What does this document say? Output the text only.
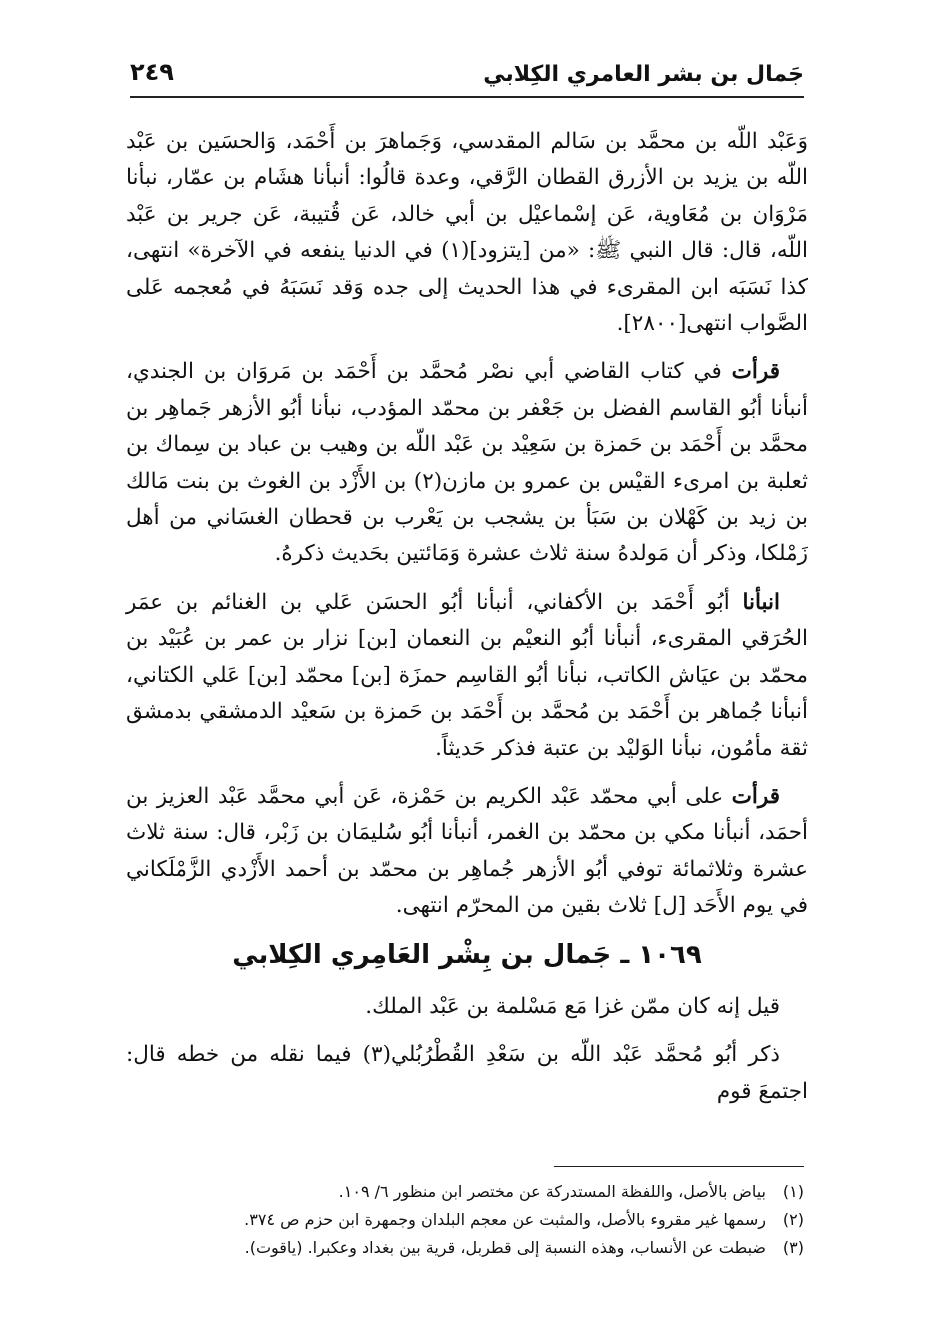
جَمال بن بشر العامري الكِلابي
٢٤٩

وَعَبْد اللّه بن محمَّد بن سَالم المقدسي، وَجَماهرَ بن أَحْمَد، وَالحسَين بن عَبْد اللّه بن يزيد بن الأزرق القطان الرَّقي، وعدة قالُوا: أنبأنا هشَام بن عمّار، نبأنا مَرْوَان بن مُعَاوية، عَن إسْماعيْل بن أبي خالد، عَن قُتيبة، عَن جرير بن عَبْد اللّه، قال: قال النبي ﷺ: «من [يتزود](١) في الدنيا ينفعه في الآخرة» انتهى، كذا نَسَبَه ابن المقرىء في هذا الحديث إلى جده وَقد نَسَبَهُ في مُعجمه عَلى الصَّواب انتهى[٢٨٠٠].

قرأت في كتاب القاضي أبي نصْر مُحمَّد بن أَحْمَد بن مَروَان بن الجندي، أنبأنا أبُو القاسم الفضل بن جَعْفر بن محمّد المؤدب، نبأنا أبُو الأزهر جَماهِر بن محمَّد بن أَحْمَد بن حَمزة بن سَعِيْد بن عَبْد اللّه بن وهيب بن عباد بن سِماك بن ثعلبة بن امرىء القيْس بن عمرو بن مازن(٢) بن الأَزْد بن الغوث بن بنت مَالك بن زيد بن كَهْلان بن سَبَأ بن يشجب بن يَعْرب بن قحطان الغسَاني من أهل زَمْلكا، وذكر أن مَولدهُ سنة ثلاث عشرة وَمَائتين بحَديث ذكرهُ.

انبأنا أبُو أَحْمَد بن الأكفاني، أنبأنا أبُو الحسَن عَلي بن الغنائم بن عمَر الحُرَقي المقرىء، أنبأنا أبُو النعيْم بن النعمان [بن] نزار بن عمر بن عُبَيْد بن محمّد بن عيَاش الكاتب، نبأنا أبُو القاسِم حمزَة [بن] محمّد [بن] عَلي الكتاني، أنبأنا جُماهر بن أَحْمَد بن مُحمَّد بن أَحْمَد بن حَمزة بن سَعيْد الدمشقي بدمشق ثقة مأمُون، نبأنا الوَليْد بن عتبة فذكر حَديثاً.

قرأت على أبي محمّد عَبْد الكريم بن حَمْزة، عَن أبي محمَّد عَبْد العزيز بن أحمَد، أنبأنا مكي بن محمّد بن الغمر، أنبأنا أبُو سُليمَان بن زَبْر، قال: سنة ثلاث عشرة وثلاثمائة توفي أبُو الأزهر جُماهِر بن محمّد بن أحمد الأَزْدي الزَّمْلَكاني في يوم الأَحَد [ل] ثلاث بقين من المحرّم انتهى.

١٠٦٩ ـ جَمال بن بِشْر العَامِري الكِلابي

قيل إنه كان ممّن غزا مَع مَسْلمة بن عَبْد الملك.

ذكر أبُو مُحمَّد عَبْد اللّه بن سَعْدِ القُطْرُبُلي(٣) فيما نقله من خطه قال: اجتمعَ قوم

(١)
بياض بالأصل، واللفظة المستدركة عن مختصر ابن منظور ٦/ ١٠٩.
(٢)
رسمها غير مقروء بالأصل، والمثبت عن معجم البلدان وجمهرة ابن حزم ص ٣٧٤.
(٣)
ضبطت عن الأنساب، وهذه النسبة إلى قطربل، قرية بين بغداد وعكبرا. (ياقوت).
